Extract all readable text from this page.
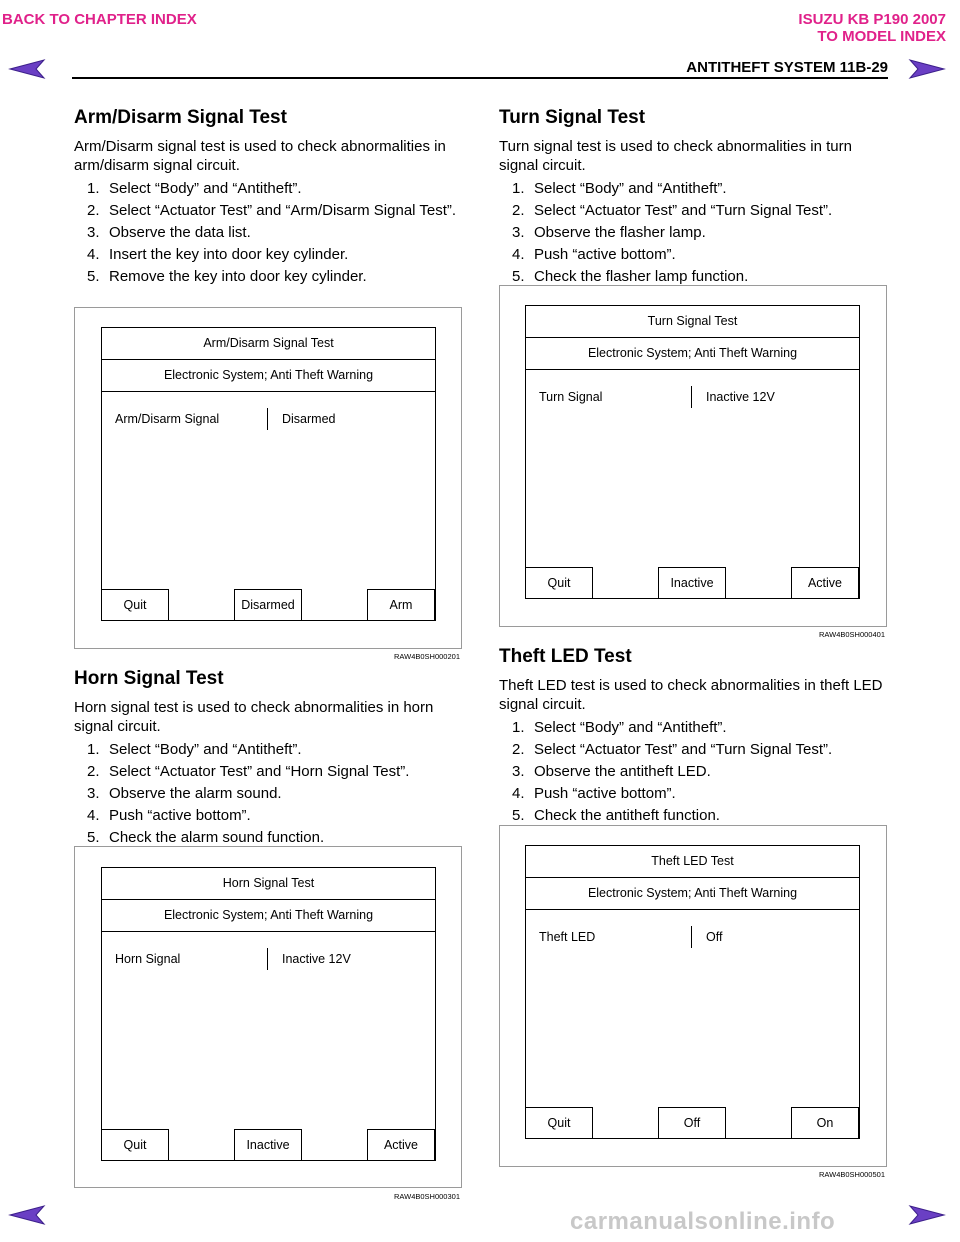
BACK TO CHAPTER INDEX	ISUZU KB P190 2007
TO MODEL INDEX
ANTITHEFT SYSTEM 11B-29
Arm/Disarm Signal Test

Arm/Disarm signal test is used to check abnormalities in arm/disarm signal circuit.

1. Select “Body” and “Antitheft”.
2. Select “Actuator Test” and “Arm/Disarm Signal Test”.
3. Observe the data list.
4. Insert the key into door key cylinder.
5. Remove the key into door key cylinder.
Arm/Disarm Signal Test
Electronic System; Anti Theft Warning
Arm/Disarm Signal	Disarmed
Quit	Disarmed	Arm
RAW4B0SH000201
Horn Signal Test

Horn signal test is used to check abnormalities in horn signal circuit.

1. Select “Body” and “Antitheft”.
2. Select “Actuator Test” and “Horn Signal Test”.
3. Observe the alarm sound.
4. Push “active bottom”.
5. Check the alarm sound function.
Horn Signal Test
Electronic System; Anti Theft Warning
Horn Signal	Inactive 12V
Quit	Inactive	Active
RAW4B0SH000301
Turn Signal Test

Turn signal test is used to check abnormalities in turn signal circuit.

1. Select “Body” and “Antitheft”.
2. Select “Actuator Test” and “Turn Signal Test”.
3. Observe the flasher lamp.
4. Push “active bottom”.
5. Check the flasher lamp function.
Turn Signal Test
Electronic System; Anti Theft Warning
Turn Signal	Inactive 12V
Quit	Inactive	Active
RAW4B0SH000401
Theft LED Test

Theft LED test is used to check abnormalities in theft LED signal circuit.

1. Select “Body” and “Antitheft”.
2. Select “Actuator Test” and “Turn Signal Test”.
3. Observe the antitheft LED.
4. Push “active bottom”.
5. Check the antitheft function.
Theft LED Test
Electronic System; Anti Theft Warning
Theft LED	Off
Quit	Off	On
RAW4B0SH000501
carmanualsonline.info
